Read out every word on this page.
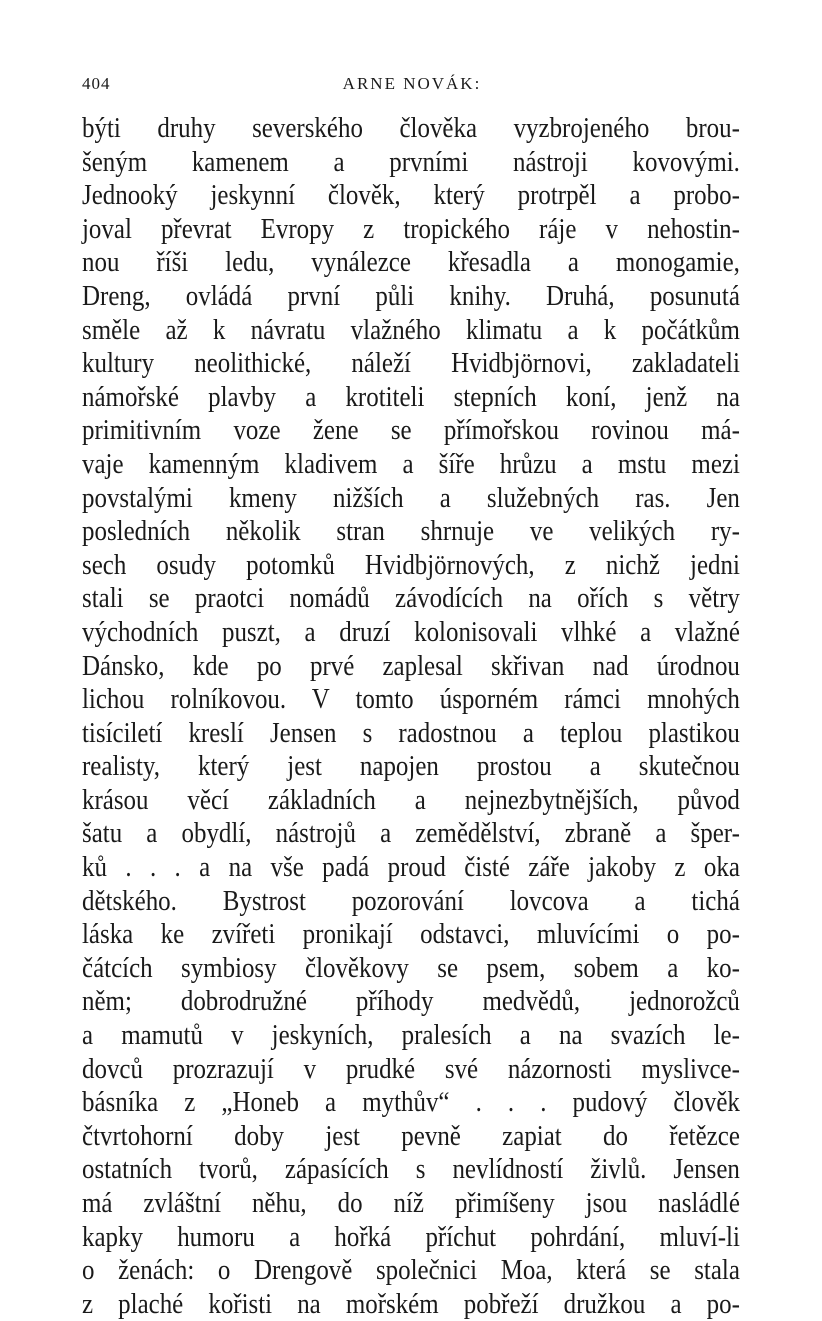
404	ARNE NOVÁK:
býti druhy severského člověka vyzbrojeného brou-
šeným kamenem a prvními nástroji kovovými.
Jednooký jeskynní člověk, který protrpěl a probo-
joval převrat Evropy z tropického ráje v nehostin-
nou říši ledu, vynálezce křesadla a monogamie,
Dreng, ovládá první půli knihy. Druhá, posunutá
směle až k návratu vlažného klimatu a k počátkům
kultury neolithické, náleží Hvidbjörnovi, zakladateli
námořské plavby a krotiteli stepních koní, jenž na
primitivním voze žene se přímořskou rovinou má-
vaje kamenným kladivem a šíře hrůzu a mstu mezi
povstalými kmeny nižších a služebných ras. Jen
posledních několik stran shrnuje ve velikých ry-
sech osudy potomků Hvidbjörnových, z nichž jedni
stali se praotci nomádů závodících na ořích s větry
východních puszt, a druzí kolonisovali vlhké a vlažné
Dánsko, kde po prvé zaplesal skřivan nad úrodnou
lichou rolníkovou. V tomto úsporném rámci mnohých
tisíciletí kreslí Jensen s radostnou a teplou plastikou
realisty, který jest napojen prostou a skutečnou
krásou věcí základních a nejnezbytnějších, původ
šatu a obydlí, nástrojů a zemědělství, zbraně a šper-
ků . . . a na vše padá proud čisté záře jakoby z oka
dětského. Bystrost pozorování lovcova a tichá
láska ke zvířeti pronikají odstavci, mluvícími o po-
čátcích symbiosy člověkovy se psem, sobem a ko-
něm; dobrodružné příhody medvědů, jednorožců
a mamutů v jeskyních, pralesích a na svazích le-
dovců prozrazují v prudké své názornosti myslivce-
básníka z „Honeb a mythův“ . . . pudový člověk
čtvrtohorní doby jest pevně zapiat do řetězce
ostatních tvorů, zápasících s nevlídností živlů. Jensen
má zvláštní něhu, do níž přimíšeny jsou nasládlé
kapky humoru a hořká příchut pohrdání, mluví-li
o ženách: o Drengově společnici Moa, která se stala
z plaché kořisti na mořském pobřeží družkou a po-
